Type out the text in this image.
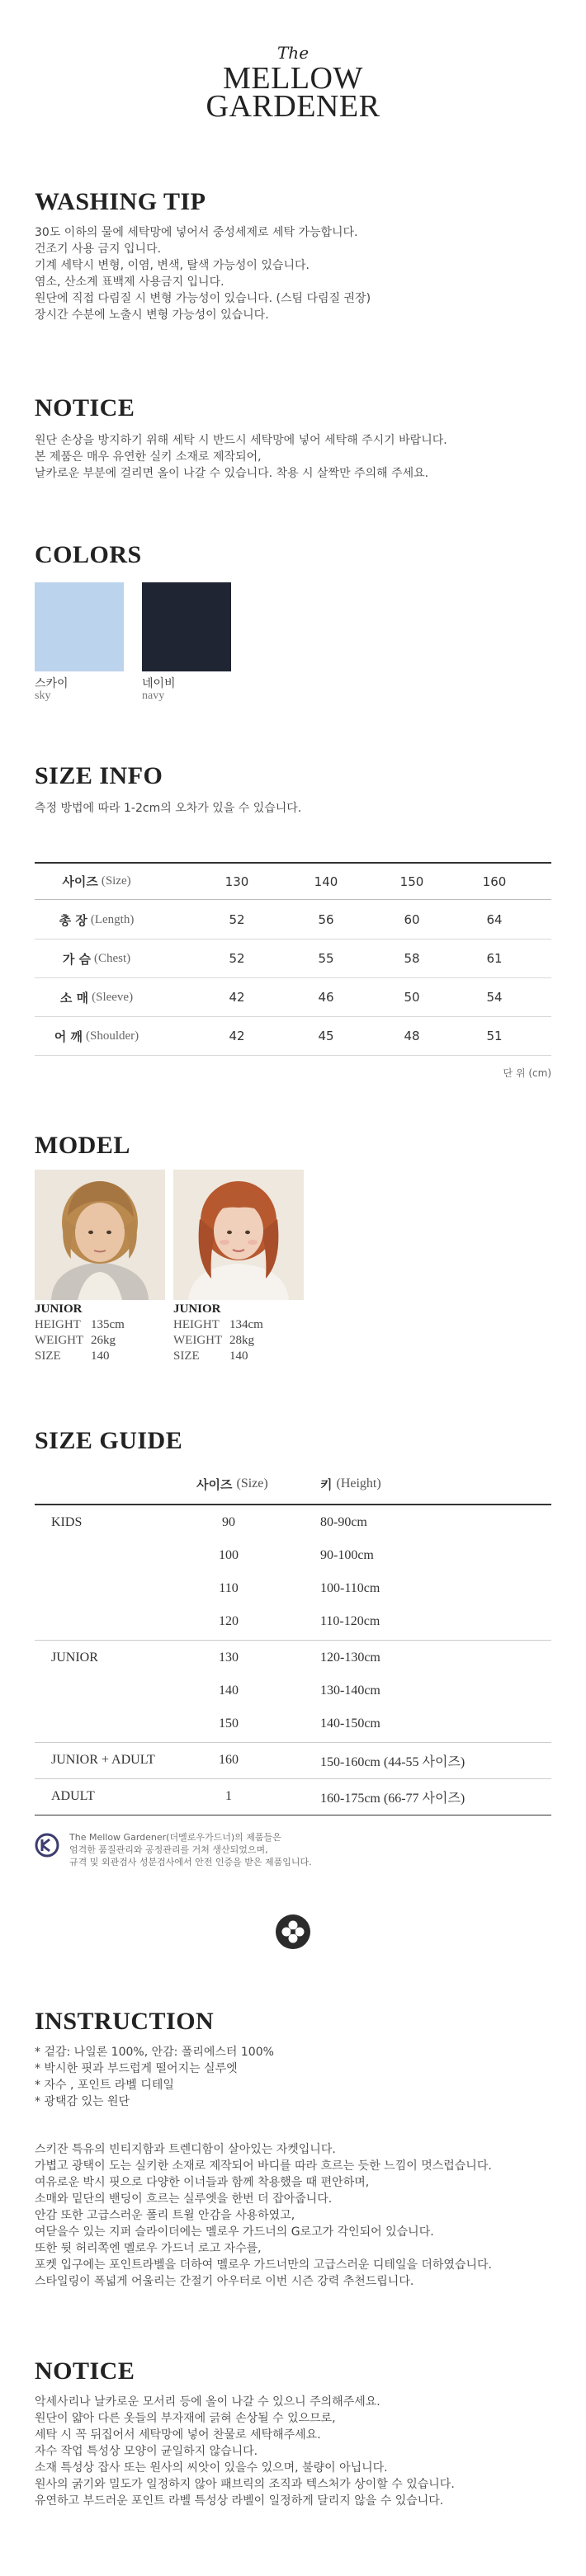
The
MELLOW
GARDENER
WASHING TIP
30도 이하의 물에 세탁망에 넣어서 중성세제로 세탁 가능합니다.
건조기 사용 금지 입니다.
기계 세탁시 변형, 이염, 변색, 탈색 가능성이 있습니다.
염소, 산소계 표백제 사용금지 입니다.
원단에 직접 다림질 시 변형 가능성이 있습니다. (스팀 다림질 권장)
장시간 수분에 노출시 변형 가능성이 있습니다.
NOTICE
원단 손상을 방지하기 위해 세탁 시 반드시 세탁망에 넣어 세탁해 주시기 바랍니다.
본 제품은 매우 유연한 실키 소재로 제작되어,
날카로운 부분에 걸리면 올이 나갈 수 있습니다. 착용 시 살짝만 주의해 주세요.
COLORS
스카이
sky
네이비
navy
SIZE INFO
측정 방법에 따라 1-2cm의 오차가 있을 수 있습니다.
사이즈 (Size)	130	140	150	160
총 장 (Length)	52	56	60	64
가 슴 (Chest)	52	55	58	61
소 매 (Sleeve)	42	46	50	54
어 깨 (Shoulder)	42	45	48	51
단 위 (cm)
MODEL
JUNIOR
HEIGHT 135cm
WEIGHT 26kg
SIZE 140
JUNIOR
HEIGHT 134cm
WEIGHT 28kg
SIZE 140
SIZE GUIDE
사이즈 (Size)	키 (Height)
KIDS	90	80-90cm
100	90-100cm
110	100-110cm
120	110-120cm
JUNIOR	130	120-130cm
140	130-140cm
150	140-150cm
JUNIOR + ADULT	160	150-160cm (44-55 사이즈)
ADULT	1	160-175cm (66-77 사이즈)
The Mellow Gardener(더멜로우가드너)의 제품들은
엄격한 품질관리와 공정관리를 거쳐 생산되었으며,
규격 및 외관검사 성분검사에서 안전 인증을 받은 제품입니다.
INSTRUCTION
* 겉감: 나일론 100%, 안감: 폴리에스터 100%
* 박시한 핏과 부드럽게 떨어지는 실루엣
* 자수 , 포인트 라벨 디테일
* 광택감 있는 원단
스키잔 특유의 빈티지함과 트렌디함이 살아있는 자켓입니다.
가볍고 광택이 도는 실키한 소재로 제작되어 바디를 따라 흐르는 듯한 느낌이 멋스럽습니다.
여유로운 박시 핏으로 다양한 이너들과 함께 착용했을 때 편안하며,
소매와 밑단의 밴딩이 흐르는 실루엣을 한번 더 잡아줍니다.
안감 또한 고급스러운 폴리 트윌 안감을 사용하였고,
여닫을수 있는 지퍼 슬라이더에는 멜로우 가드너의 G로고가 각인되어 있습니다.
또한 뒷 허리쪽엔 멜로우 가드너 로고 자수를,
포켓 입구에는 포인트라벨을 더하여 멜로우 가드너만의 고급스러운 디테일을 더하였습니다.
스타일링이 폭넓게 어울리는 간절기 아우터로 이번 시즌 강력 추천드립니다.
NOTICE
악세사리나 날카로운 모서리 등에 올이 나갈 수 있으니 주의해주세요.
원단이 얇아 다른 옷들의 부자재에 긁혀 손상될 수 있으므로,
세탁 시 꼭 뒤집어서 세탁망에 넣어 찬물로 세탁해주세요.
자수 작업 특성상 모양이 균일하지 않습니다.
소재 특성상 잡사 또는 원사의 씨앗이 있을수 있으며, 불량이 아닙니다.
원사의 굵기와 밀도가 일정하지 않아 패브릭의 조직과 텍스처가 상이할 수 있습니다.
유연하고 부드러운 포인트 라벨 특성상 라벨이 일정하게 달리지 않을 수 있습니다.
